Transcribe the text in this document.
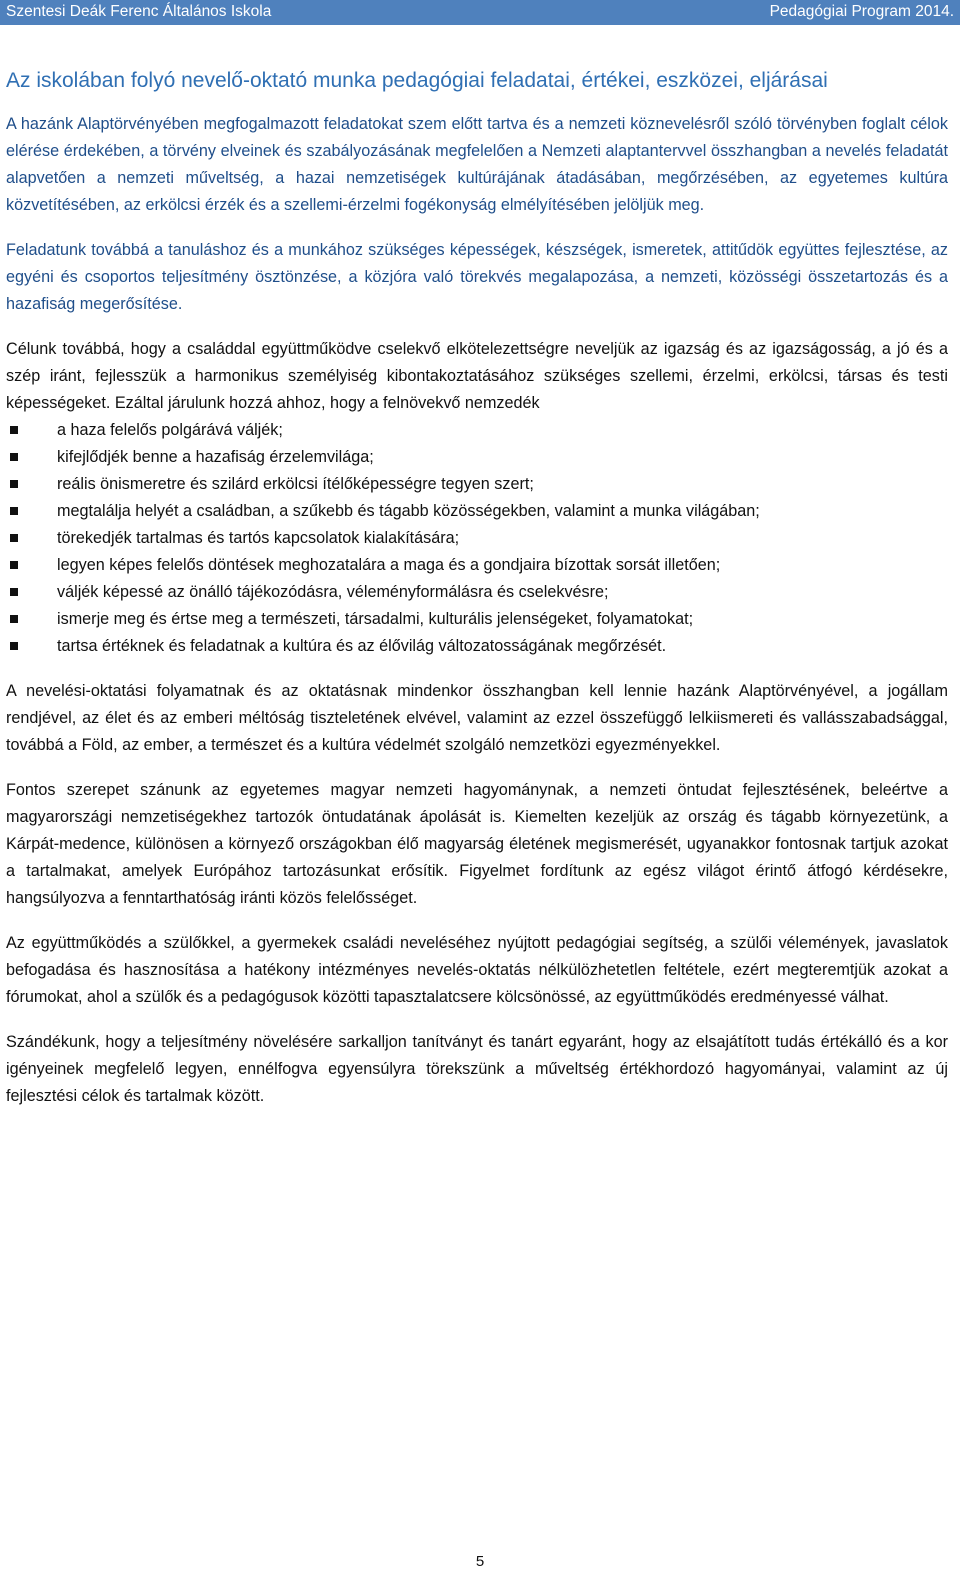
Szentesi Deák Ferenc Általános Iskola	Pedagógiai Program 2014.
Az iskolában folyó nevelő-oktató munka pedagógiai feladatai, értékei, eszközei, eljárásai

A hazánk Alaptörvényében megfogalmazott feladatokat szem előtt tartva és a nemzeti köznevelésről szóló törvényben foglalt célok elérése érdekében, a törvény elveinek és szabályozásának megfelelően a Nemzeti alaptantervvel összhangban a nevelés feladatát alapvetően a nemzeti műveltség, a hazai nemzetiségek kultúrájának átadásában, megőrzésében, az egyetemes kultúra közvetítésében, az erkölcsi érzék és a szellemi-érzelmi fogékonyság elmélyítésében jelöljük meg.

Feladatunk továbbá a tanuláshoz és a munkához szükséges képességek, készségek, ismeretek, attitűdök együttes fejlesztése, az egyéni és csoportos teljesítmény ösztönzése, a közjóra való törekvés megalapozása, a nemzeti, közösségi összetartozás és a hazafiság megerősítése.

Célunk továbbá, hogy a családdal együttműködve cselekvő elkötelezettségre neveljük az igazság és az igazságosság, a jó és a szép iránt, fejlesszük a harmonikus személyiség kibontakoztatásához szükséges szellemi, érzelmi, erkölcsi, társas és testi képességeket. Ezáltal járulunk hozzá ahhoz, hogy a felnövekvő nemzedék

a haza felelős polgárává váljék;
kifejlődjék benne a hazafiság érzelemvilága;
reális önismeretre és szilárd erkölcsi ítélőképességre tegyen szert;
megtalálja helyét a családban, a szűkebb és tágabb közösségekben, valamint a munka világában;
törekedjék tartalmas és tartós kapcsolatok kialakítására;
legyen képes felelős döntések meghozatalára a maga és a gondjaira bízottak sorsát illetően;
váljék képessé az önálló tájékozódásra, véleményformálásra és cselekvésre;
ismerje meg és értse meg a természeti, társadalmi, kulturális jelenségeket, folyamatokat;
tartsa értéknek és feladatnak a kultúra és az élővilág változatosságának megőrzését.

A nevelési-oktatási folyamatnak és az oktatásnak mindenkor összhangban kell lennie hazánk Alaptörvényével, a jogállam rendjével, az élet és az emberi méltóság tiszteletének elvével, valamint az ezzel összefüggő lelkiismereti és vallásszabadsággal, továbbá a Föld, az ember, a természet és a kultúra védelmét szolgáló nemzetközi egyezményekkel.

Fontos szerepet szánunk az egyetemes magyar nemzeti hagyománynak, a nemzeti öntudat fejlesztésének, beleértve a magyarországi nemzetiségekhez tartozók öntudatának ápolását is. Kiemelten kezeljük az ország és tágabb környezetünk, a Kárpát-medence, különösen a környező országokban élő magyarság életének megismerését, ugyanakkor fontosnak tartjuk azokat a tartalmakat, amelyek Európához tartozásunkat erősítik. Figyelmet fordítunk az egész világot érintő átfogó kérdésekre, hangsúlyozva a fenntarthatóság iránti közös felelősséget.

Az együttműködés a szülőkkel, a gyermekek családi neveléséhez nyújtott pedagógiai segítség, a szülői vélemények, javaslatok befogadása és hasznosítása a hatékony intézményes nevelés-oktatás nélkülözhetetlen feltétele, ezért megteremtjük azokat a fórumokat, ahol a szülők és a pedagógusok közötti tapasztalatcsere kölcsönössé, az együttműködés eredményessé válhat.

Szándékunk, hogy a teljesítmény növelésére sarkalljon tanítványt és tanárt egyaránt, hogy az elsajátított tudás értékálló és a kor igényeinek megfelelő legyen, ennélfogva egyensúlyra törekszünk a műveltség értékhordozó hagyományai, valamint az új fejlesztési célok és tartalmak között.

5
